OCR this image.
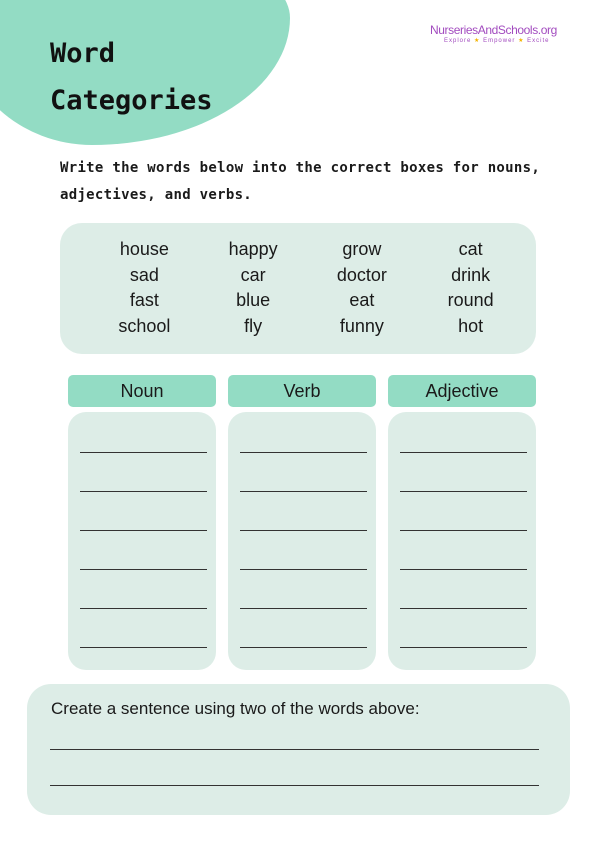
Word
Categories
NurseriesAndSchools.org
Explore ★ Empower ★ Excite

Write the words below into the correct boxes for nouns, adjectives, and verbs.

house	happy	grow	cat
sad	car	doctor	drink
fast	blue	eat	round
school	fly	funny	hot
Noun	Verb	Adjective
Create a sentence using two of the words above:
